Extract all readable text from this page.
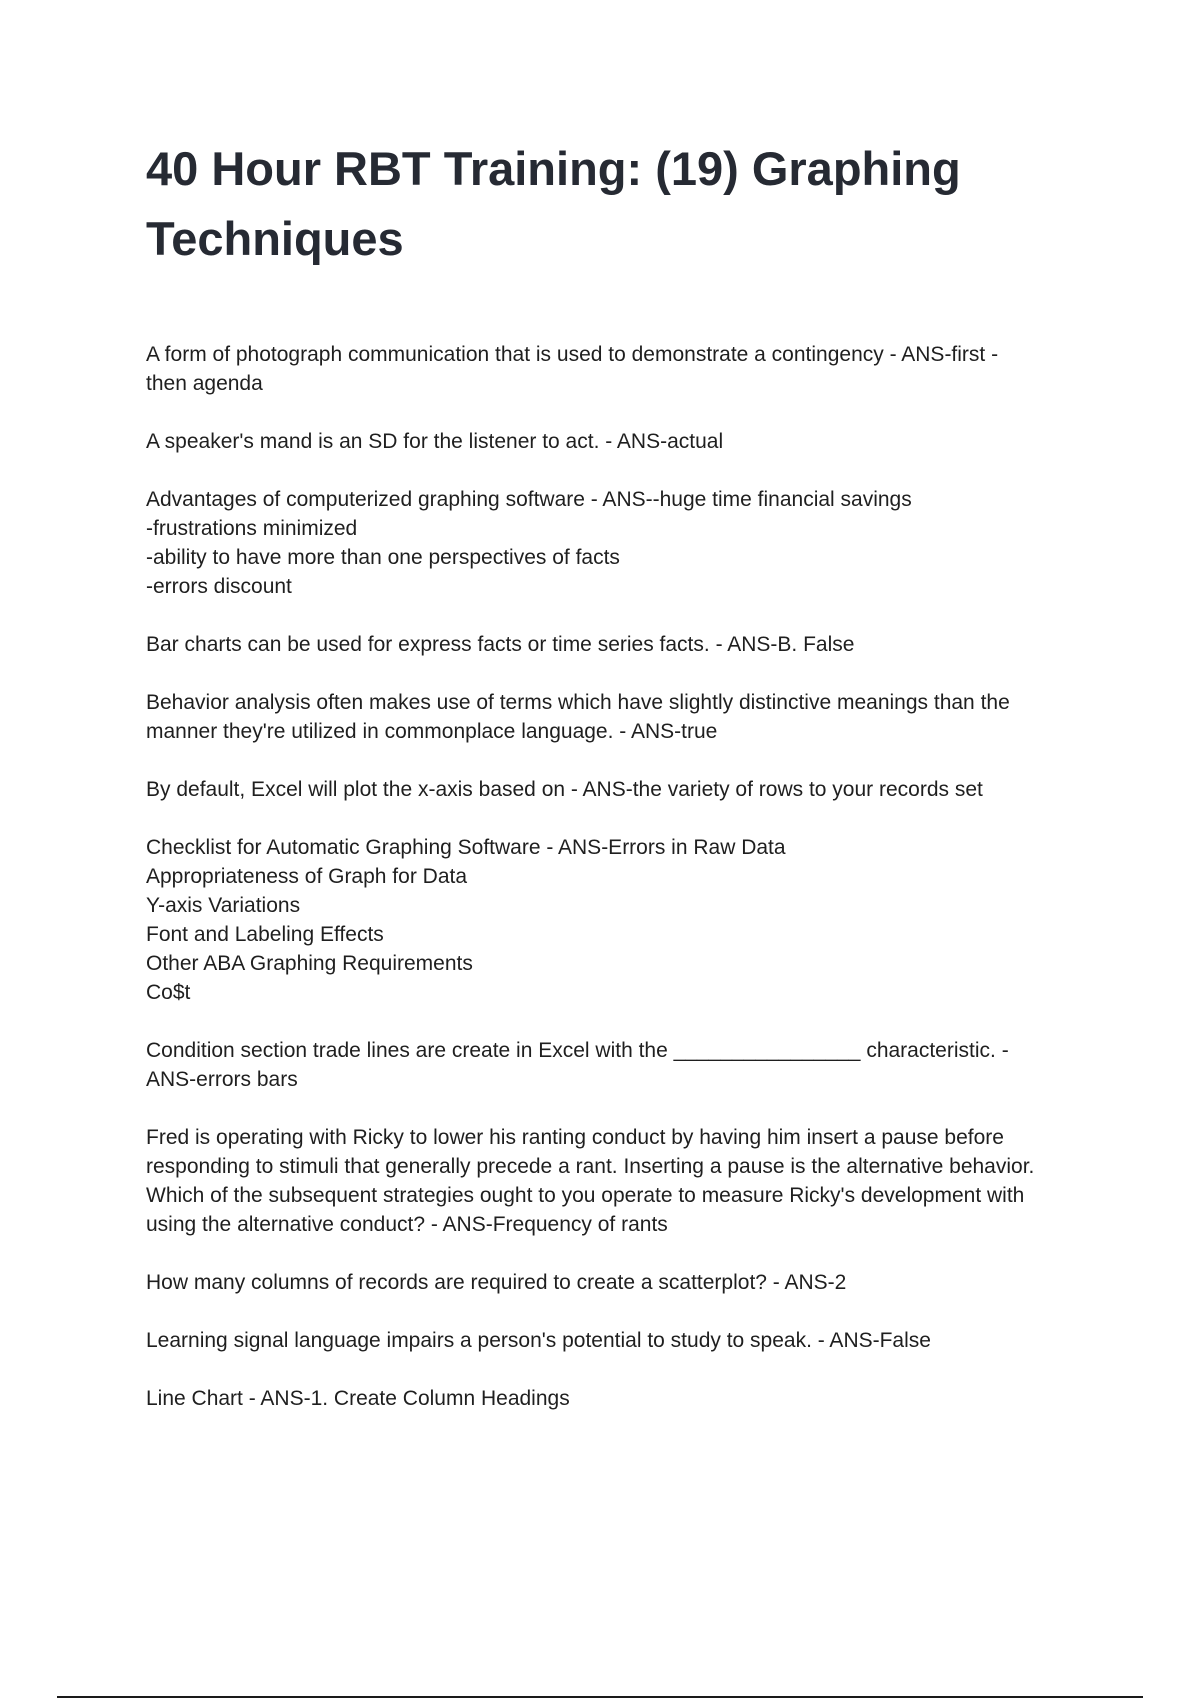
40 Hour RBT Training: (19) Graphing Techniques

A form of photograph communication that is used to demonstrate a contingency - ANS-first -
then agenda

A speaker's mand is an SD for the listener to act. - ANS-actual

Advantages of computerized graphing software - ANS--huge time financial savings
-frustrations minimized
-ability to have more than one perspectives of facts
-errors discount

Bar charts can be used for express facts or time series facts. - ANS-B. False

Behavior analysis often makes use of terms which have slightly distinctive meanings than the
manner they're utilized in commonplace language. - ANS-true

By default, Excel will plot the x-axis based on - ANS-the variety of rows to your records set

Checklist for Automatic Graphing Software - ANS-Errors in Raw Data
Appropriateness of Graph for Data
Y-axis Variations
Font and Labeling Effects
Other ABA Graphing Requirements
Co$t

Condition section trade lines are create in Excel with the ________________ characteristic. -
ANS-errors bars

Fred is operating with Ricky to lower his ranting conduct by having him insert a pause before
responding to stimuli that generally precede a rant. Inserting a pause is the alternative behavior.
Which of the subsequent strategies ought to you operate to measure Ricky's development with
using the alternative conduct? - ANS-Frequency of rants

How many columns of records are required to create a scatterplot? - ANS-2

Learning signal language impairs a person's potential to study to speak. - ANS-False

Line Chart - ANS-1. Create Column Headings
